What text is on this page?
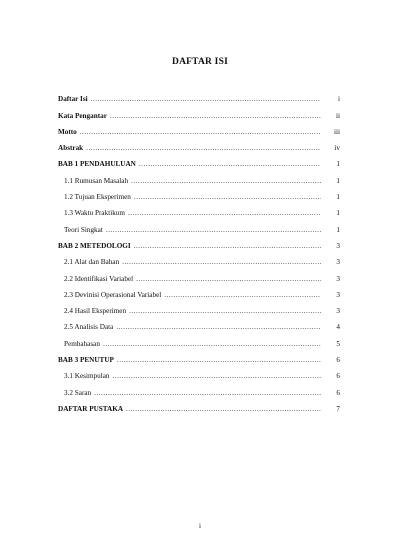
DAFTAR ISI
Daftar Isi .....	i
Kata Pengantar .....	ii
Motto .....	iii
Abstrak .....	iv
BAB 1 PENDAHULUAN .....	1
1.1 Rumusan Masalah .....	1
1.2 Tujuan Eksperimen .....	1
1.3 Waktu Praktikum .....	1
Teori Singkat .....	1
BAB 2 METEDOLOGI .....	3
2.1 Alat dan Bahan .....	3
2.2 Identifikasi Variabel .....	3
2.3 Devinisi Operasional Variabel .....	3
2.4 Hasil Eksperimen .....	3
2.5 Analisis Data .....	4
Pembahasan .....	5
BAB 3 PENUTUP .....	6
3.1 Kesimpulan .....	6
3.2 Saran .....	6
DAFTAR PUSTAKA .....	7
i
